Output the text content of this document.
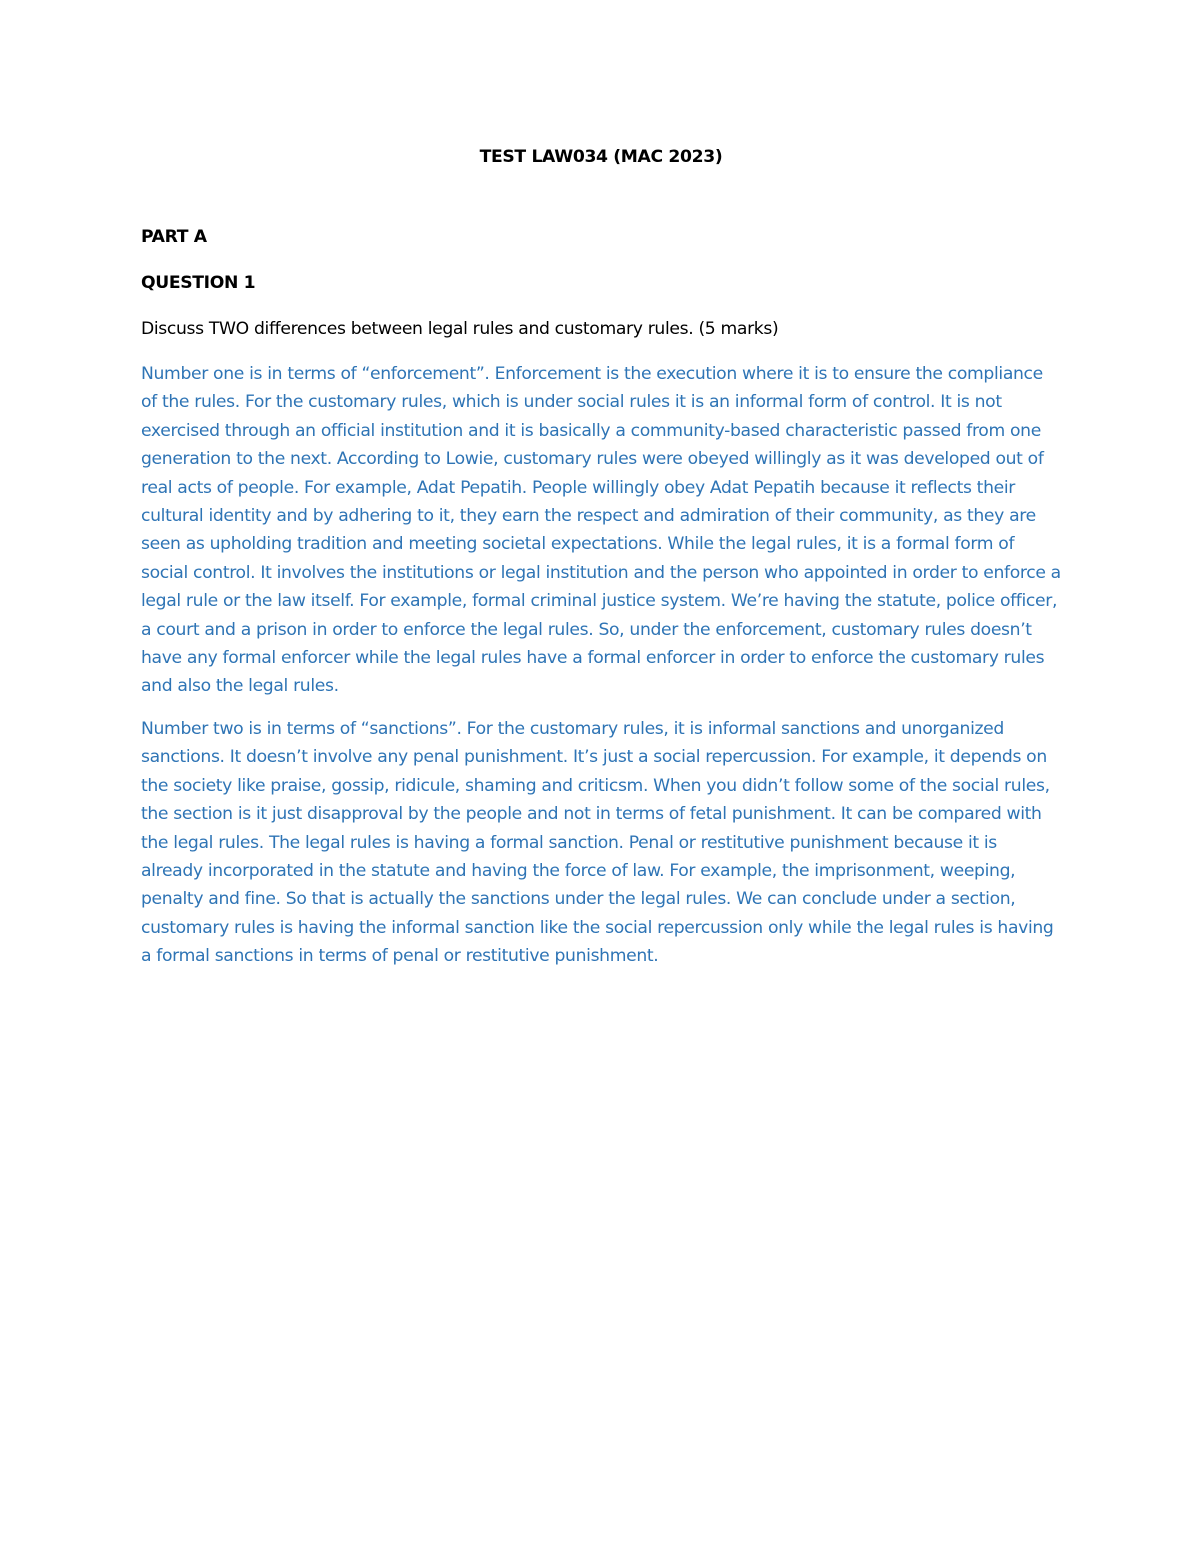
TEST LAW034 (MAC 2023)

PART A

QUESTION 1

Discuss TWO differences between legal rules and customary rules. (5 marks)

Number one is in terms of “enforcement”. Enforcement is the execution where it is to ensure the compliance of the rules. For the customary rules, which is under social rules it is an informal form of control. It is not exercised through an official institution and it is basically a community-based characteristic passed from one generation to the next. According to Lowie, customary rules were obeyed willingly as it was developed out of real acts of people. For example, Adat Pepatih. People willingly obey Adat Pepatih because it reflects their cultural identity and by adhering to it, they earn the respect and admiration of their community, as they are seen as upholding tradition and meeting societal expectations. While the legal rules, it is a formal form of social control. It involves the institutions or legal institution and the person who appointed in order to enforce a legal rule or the law itself. For example, formal criminal justice system. We’re having the statute, police officer, a court and a prison in order to enforce the legal rules. So, under the enforcement, customary rules doesn’t have any formal enforcer while the legal rules have a formal enforcer in order to enforce the customary rules and also the legal rules.

Number two is in terms of “sanctions”. For the customary rules, it is informal sanctions and unorganized sanctions. It doesn’t involve any penal punishment. It’s just a social repercussion. For example, it depends on the society like praise, gossip, ridicule, shaming and criticsm. When you didn’t follow some of the social rules, the section is it just disapproval by the people and not in terms of fetal punishment. It can be compared with the legal rules. The legal rules is having a formal sanction. Penal or restitutive punishment because it is already incorporated in the statute and having the force of law. For example, the imprisonment, weeping, penalty and fine. So that is actually the sanctions under the legal rules. We can conclude under a section, customary rules is having the informal sanction like the social repercussion only while the legal rules is having a formal sanctions in terms of penal or restitutive punishment.
